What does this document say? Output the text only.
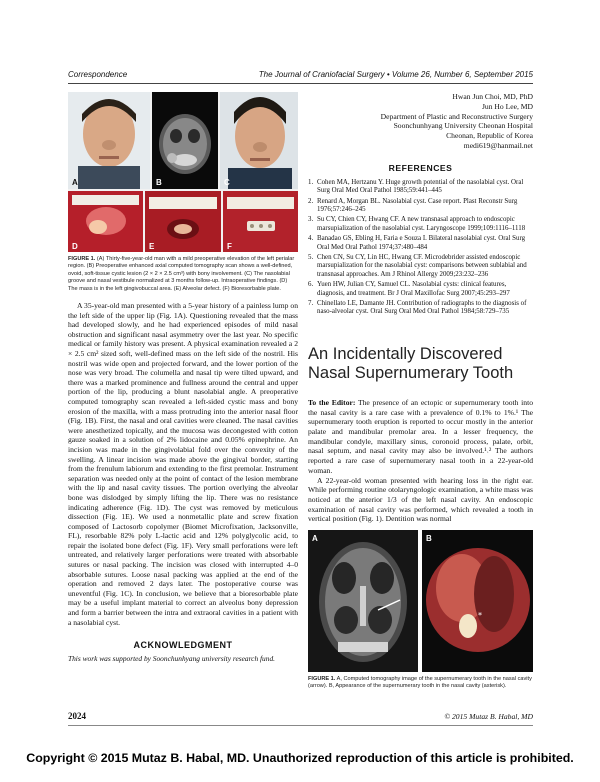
Correspondence	The Journal of Craniofacial Surgery • Volume 26, Number 6, September 2015
A	B	C
D	E	F
FIGURE 1. (A) Thirty-five-year-old man with a mild preoperative elevation of the left perialar region. (B) Preoperative enhanced axial computed tomography scan shows a well-defined, ovoid, soft-tissue cystic lesion (2 × 2 × 2.5 cm³) with bony involvement. (C) The nasolabial groove and nasal vestibule normalized at 3 months follow-up. Intraoperative findings. (D) The mass is in the left gingivobuccal area. (E) Alveolar defect. (F) Bioresorbable plate.

A 35-year-old man presented with a 5-year history of a painless lump on the left side of the upper lip (Fig. 1A). Questioning revealed that the mass had developed slowly, and he had experienced episodes of mild nasal obstruction and significant nasal asymmetry over the last year. No specific medical or family history was present. A physical examination revealed a 2 × 2.5 cm² sized soft, well-defined mass on the left side of the nostril. His nostril was wide open and projected forward, and the lower portion of the nose was very broad. The columella and nasal tip were tilted upward, and there was a marked prominence and fullness around the central and upper portion of the lip, producing a blunt nasolabial angle. A preoperative computed tomography scan revealed a left-sided cystic mass and bony erosion of the maxilla, with a mass protruding into the anterior nasal floor (Fig. 1B). First, the nasal and oral cavities were cleaned. The nasal cavities were anesthetized topically, and the mucosa was decongested with cotton gauze soaked in a solution of 2% lidocaine and 0.05% epinephrine. An incision was made in the gingivolabial fold over the convexity of the swelling. A linear incision was made above the gingival border, starting from the frenulum labiorum and extending to the first premolar. Instrument separation was needed only at the point of contact of the lesion membrane with the lip and nasal cavity tissues. The portion overlying the alveolar bone was dislodged by simply lifting the lip. There was no resistance indicating adherence (Fig. 1D). The cyst was removed by meticulous dissection (Fig. 1E). We used a nonmetallic plate and screw fixation composed of Lactosorb copolymer (Biomet Microfixation, Jacksonville, FL), resorbable 82% poly L-lactic acid and 12% polyglycolic acid, to repair the isolated bone defect (Fig. 1F). Very small perforations were left untreated, and relatively larger perforations were treated with absorbable sutures or nasal packing. The incision was closed with interrupted 4–0 absorbable sutures. Loose nasal packing was applied at the end of the operation and removed 2 days later. The postoperative course was uneventful (Fig. 1C). In conclusion, we believe that a bioresorbable plate may be a useful implant material to correct an alveolus bony depression and form a barrier between the intra and extraoral cavities in a patient with a nasolabial cyst.

ACKNOWLEDGMENT
This work was supported by Soonchunhyang university research fund.
Hwan Jun Choi, MD, PhD
Jun Ho Lee, MD
Department of Plastic and Reconstructive Surgery
Soonchunhyang University Cheonan Hospital
Cheonan, Republic of Korea
medi619@hanmail.net
REFERENCES
1. Cohen MA, Hertzanu Y. Huge growth potential of the nasolabial cyst. Oral Surg Oral Med Oral Pathol 1985;59:441–445
2. Renard A, Morgan BL. Nasolabial cyst. Case report. Plast Reconstr Surg 1976;57:246–245
3. Su CY, Chien CY, Hwang CF. A new transnasal approach to endoscopic marsupialization of the nasolabial cyst. Laryngoscope 1999;109:1116–1118
4. Banadao GS, Ebling H, Faria e Souza I. Bilateral nasolabial cyst. Oral Surg Oral Med Oral Pathol 1974;37:480–484
5. Chen CN, Su CY, Lin HC, Hwang CF. Microdebrider assisted endoscopic marsupialization for the nasolabial cyst: comparisons between sublabial and transnasal approaches. Am J Rhinol Allergy 2009;23:232–236
6. Yuen HW, Julian CY, Samuel CL. Nasolabial cysts: clinical features, diagnosis, and treatment. Br J Oral Maxillofac Surg 2007;45:293–297
7. Chinellato LE, Damante JH. Contribution of radiographs to the diagnosis of naso-alveolar cyst. Oral Surg Oral Med Oral Pathol 1984;58:729–735
An Incidentally Discovered Nasal Supernumerary Tooth

To the Editor: The presence of an ectopic or supernumerary tooth into the nasal cavity is a rare case with a prevalence of 0.1% to 1%.¹ The supernumerary tooth eruption is reported to occur mostly in the anterior palate and mandibular premolar area. In a lesser frequency, the mandibular condyle, maxillary sinus, coronoid process, palate, orbit, nasal septum, and nasal cavity may also be involved.¹˒² The authors reported a rare case of supernumerary nasal tooth in a 22-year-old woman.

A 22-year-old woman presented with hearing loss in the right ear. While performing routine otolaryngologic examination, a white mass was noticed at the anterior 1/3 of the left nasal cavity. An endoscopic examination of nasal cavity was performed, which revealed a tooth in vertical position (Fig. 1). Dentition was normal

*
A	B
FIGURE 1. A, Computed tomography image of the supernumerary tooth in the nasal cavity (arrow). B, Appearance of the supernumerary tooth in the nasal cavity (asterisk).
2024	© 2015 Mutaz B. Habal, MD
Copyright © 2015 Mutaz B. Habal, MD. Unauthorized reproduction of this article is prohibited.
